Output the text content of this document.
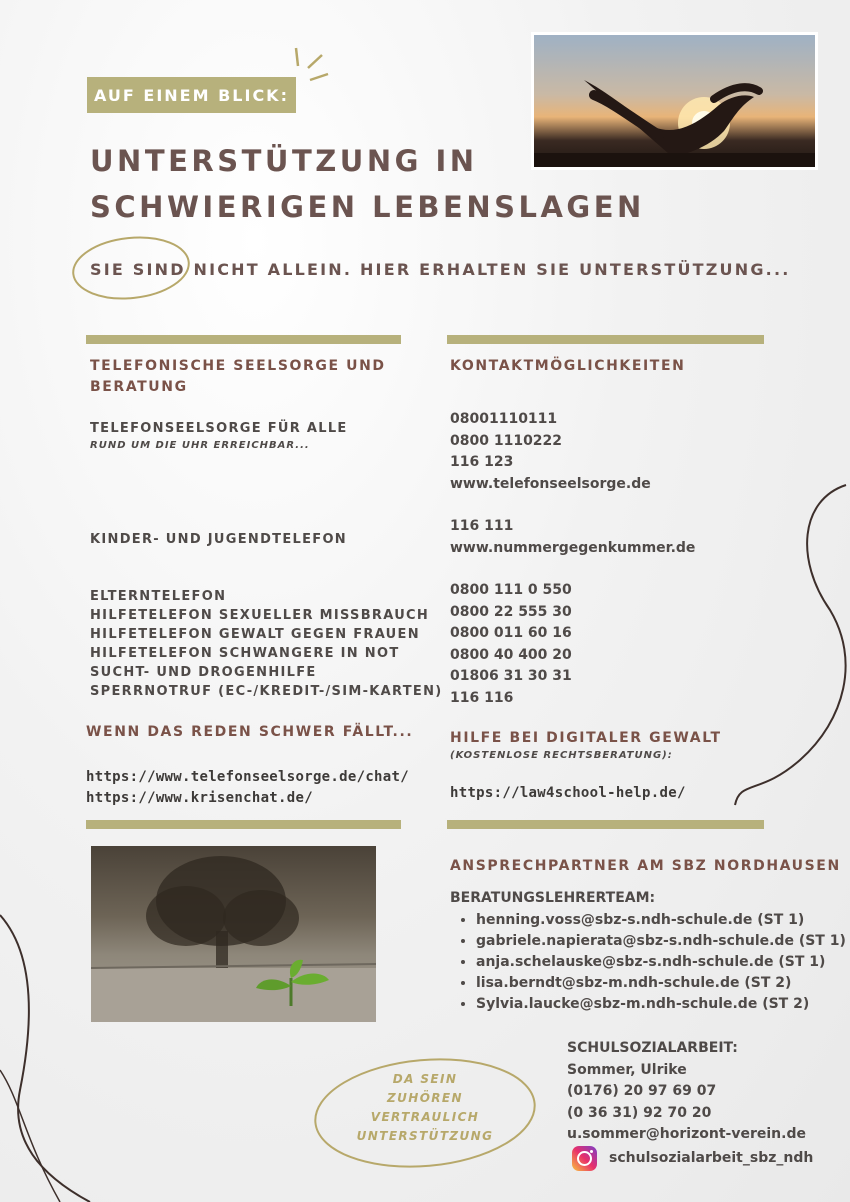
AUF EINEM BLICK:
UNTERSTÜTZUNG IN
SCHWIERIGEN LEBENSLAGEN
SIE SIND NICHT ALLEIN. HIER ERHALTEN SIE UNTERSTÜTZUNG...
TELEFONISCHE SEELSORGE UND
BERATUNG
TELEFONSEELSORGE FÜR ALLE
RUND UM DIE UHR ERREICHBAR...
KINDER- UND JUGENDTELEFON
ELTERNTELEFON
HILFETELEFON SEXUELLER MISSBRAUCH
HILFETELEFON GEWALT GEGEN FRAUEN
HILFETELEFON SCHWANGERE IN NOT
SUCHT- UND DROGENHILFE
SPERRNOTRUF (EC-/KREDIT-/SIM-KARTEN)
WENN DAS REDEN SCHWER FÄLLT...
https://www.telefonseelsorge.de/chat/
https://www.krisenchat.de/
KONTAKTMÖGLICHKEITEN
08001110111
0800 1110222
116 123
www.telefonseelsorge.de
116 111
www.nummergegenkummer.de
0800 111 0 550
0800 22 555 30
0800 011 60 16
0800 40 400 20
01806 31 30 31
116 116
HILFE BEI DIGITALER GEWALT
(KOSTENLOSE RECHTSBERATUNG):
https://law4school-help.de/
ANSPRECHPARTNER AM SBZ NORDHAUSEN
BERATUNGSLEHRERTEAM:
• henning.voss@sbz-s.ndh-schule.de (ST 1)
• gabriele.napierata@sbz-s.ndh-schule.de (ST 1)
• anja.schelauske@sbz-s.ndh-schule.de (ST 1)
• lisa.berndt@sbz-m.ndh-schule.de (ST 2)
• Sylvia.laucke@sbz-m.ndh-schule.de (ST 2)
SCHULSOZIALARBEIT:
Sommer, Ulrike
(0176) 20 97 69 07
(0 36 31) 92 70 20
u.sommer@horizont-verein.de
schulsozialarbeit_sbz_ndh
DA SEIN
ZUHÖREN
VERTRAULICH
UNTERSTÜTZUNG
